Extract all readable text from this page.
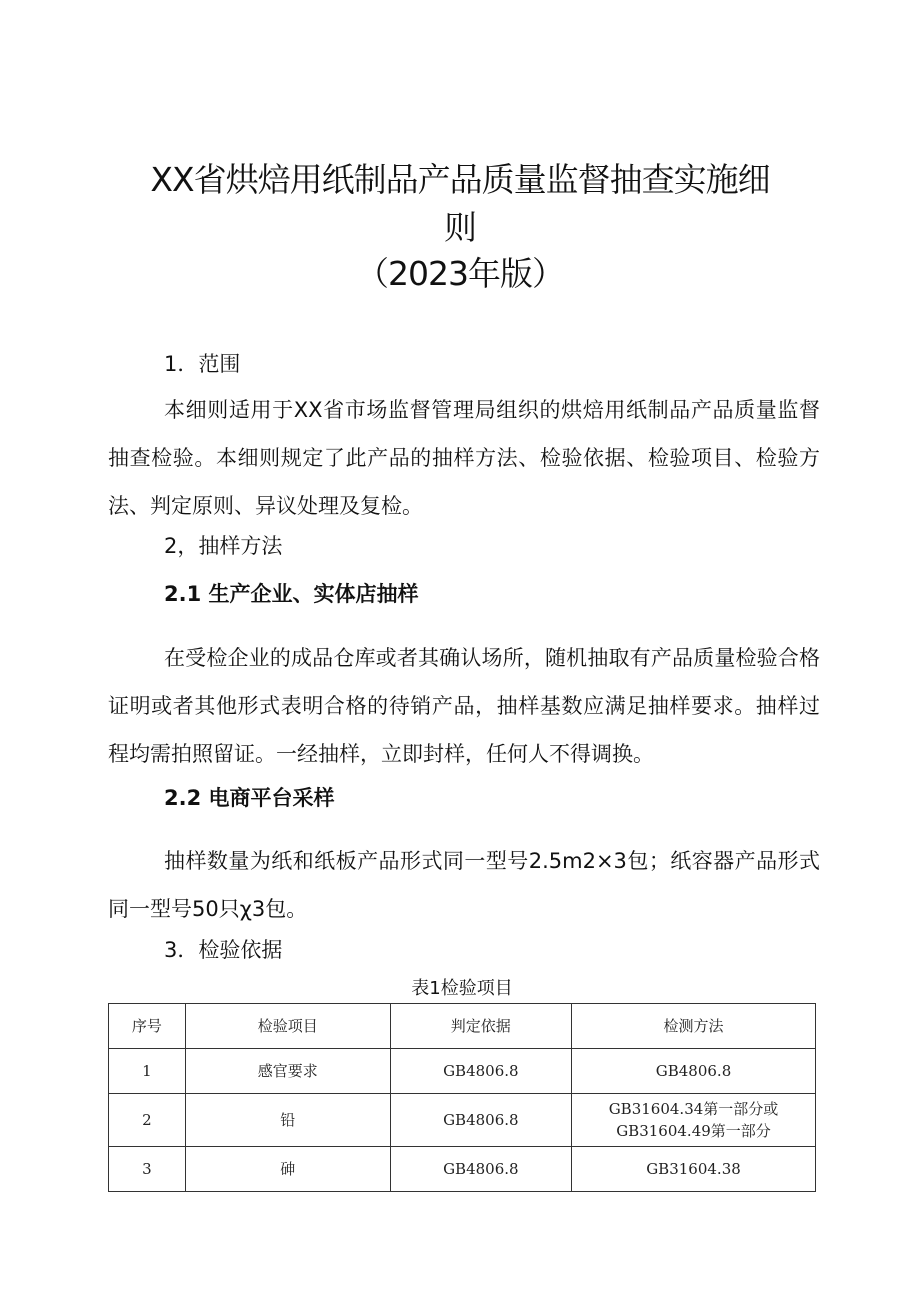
XX省烘焙用纸制品产品质量监督抽查实施细
则
（2023年版）
1．范围
本细则适用于XX省市场监督管理局组织的烘焙用纸制品产品质量监督抽查检验。本细则规定了此产品的抽样方法、检验依据、检验项目、检验方法、判定原则、异议处理及复检。
2，抽样方法
2.1 生产企业、实体店抽样
在受检企业的成品仓库或者其确认场所，随机抽取有产品质量检验合格证明或者其他形式表明合格的待销产品，抽样基数应满足抽样要求。抽样过程均需拍照留证。一经抽样，立即封样，任何人不得调换。
2.2 电商平台采样
抽样数量为纸和纸板产品形式同一型号2.5m2×3包；纸容器产品形式同一型号50只χ3包。
3．检验依据
表1检验项目
序号	检验项目	判定依据	检测方法
1	感官要求	GB4806.8	GB4806.8
2	铅	GB4806.8	GB31604.34第一部分或
GB31604.49第一部分
3	砷	GB4806.8	GB31604.38
